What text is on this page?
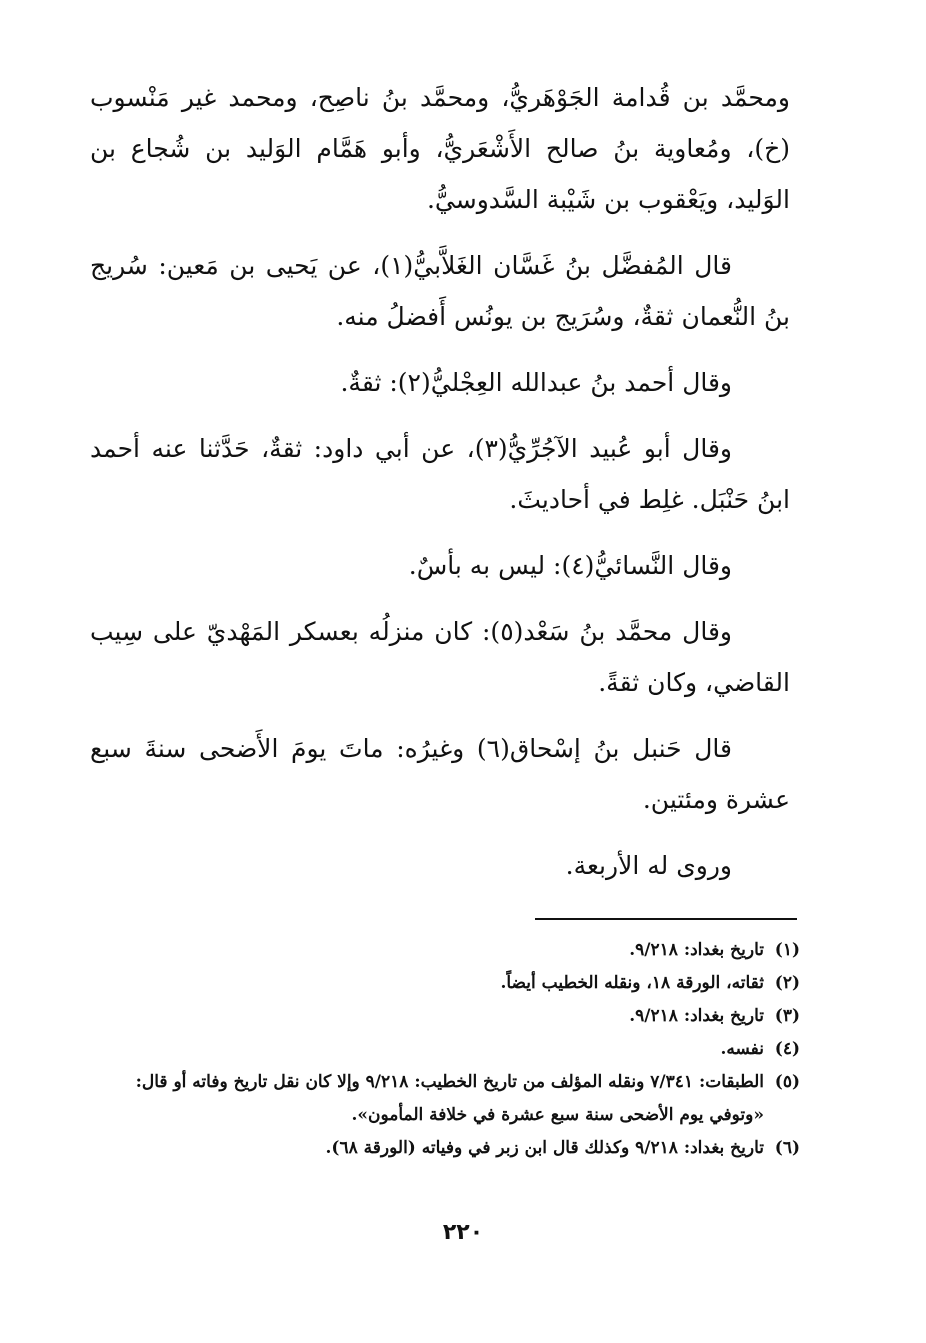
ومحمَّد بن قُدامة الجَوْهَريُّ، ومحمَّد بنُ ناصِح، ومحمد غير مَنْسوب (خ)، ومُعاوية بنُ صالح الأَشْعَريُّ، وأبو هَمَّام الوَليد بن شُجاع بن الوَليد، ويَعْقوب بن شَيْبة السَّدوسيُّ.

قال المُفضَّل بنُ غَسَّان الغَلاَّبيُّ(١)، عن يَحيى بن مَعين: سُريج بنُ النُّعمان ثقةٌ، وسُرَيج بن يونُس أَفضلُ منه.

وقال أحمد بنُ عبدالله العِجْليُّ(٢): ثقةٌ.

وقال أبو عُبيد الآجُرِّيُّ(٣)، عن أبي داود: ثقةٌ، حَدَّثنا عنه أحمد ابنُ حَنْبَل. غلِط في أحاديثَ.

وقال النَّسائيُّ(٤): ليس به بأسٌ.

وقال محمَّد بنُ سَعْد(٥): كان منزلُه بعسكر المَهْديّ على سِيب القاضي، وكان ثقةً.

قال حَنبل بنُ إسْحاق(٦) وغيرُه: ماتَ يومَ الأَضحى سنةَ سبع عشرة ومئتين.

وروى له الأربعة.

(١)
تاريخ بغداد: ٩/٢١٨.

(٢)
ثقاته، الورقة ١٨، ونقله الخطيب أيضاً.

(٣)
تاريخ بغداد: ٩/٢١٨.

(٤)
نفسه.

(٥)
الطبقات: ٧/٣٤١ ونقله المؤلف من تاريخ الخطيب: ٩/٢١٨ وإلا كان نقل تاريخ وفاته أو قال: «وتوفي يوم الأضحى سنة سبع عشرة في خلافة المأمون».

(٦)
تاريخ بغداد: ٩/٢١٨ وكذلك قال ابن زبر في وفياته (الورقة ٦٨).

٢٢٠
